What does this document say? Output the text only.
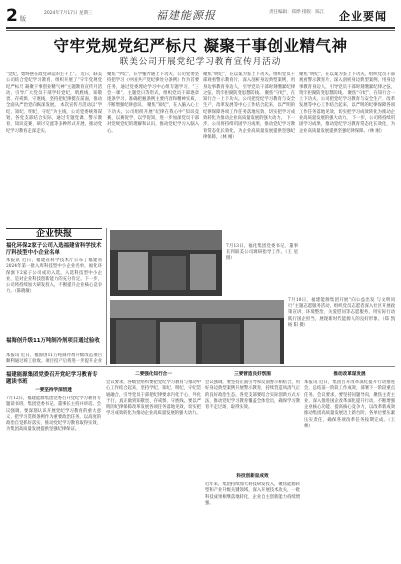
2 版
2024年7月17日 星期三	福建能源报	责任编辑：郑烨 排版：陈江 企业要闻
守牢党规党纪严标尺 凝聚干事创业精气神
联美公司开展党纪学习教育宣传月活动
“党纪，始终摆在政党命运的主干上”。 近日，联美公司结合党纪学习教育，组织开展了“守牢党规党纪严标尺 凝聚干事创业精气神”主题教育宣传月活动，引导广大党员干部学好党纪，明底线、知敬畏、存戒惧、守底线，坚持把纪律挺在前面，推动全面从严治党向纵深发展。 本次宣传月活动以“学纪、知纪、明纪、守纪”为主线，公司党委统筹谋划，各党支部结合实际，通过专题党课、警示教育、知识竞赛、研讨交流等多种形式开展，推动党纪学习教育走深走实。
聚焦“学纪”，在学懂弄通上下功夫。公司党委坚持把学习《中国共产党纪律处分条例》作为首要任务，通过党委理论学习中心组专题学习、“三会一课”、主题党日等形式，组织党员干部逐章逐条学习，准确把握条例主要内容和精神实质，不断增强纪律意识。 聚焦“知纪”，在入脑入心上下功夫。公司组织开展“纪律在我心中”知识竞赛，以赛促学、以学促知，进一步加深党员干部对党规党纪的理解和认识，推动党纪学习入脑入心。
聚焦“明纪”，在以案为鉴上下功夫。组织党员干部观看警示教育片，深入剖析身边典型案例，用身边事教育身边人，引导党员干部时刻绷紧纪律之弦，筑牢拒腐防变思想防线。 聚焦“守纪”，在知行合一上下功夫。公司把党纪学习教育与安全生产、改革发展等中心工作结合起来，以严明的纪律保障各项工作任务落地见效，切实把学习成效转化为推动企业高质量发展的强大动力。 下一步，公司将持续巩固学习成果，推动党纪学习教育常态化长效化，为企业高质量发展提供坚强纪律保障。（林 刚）
聚焦“明纪”，在以案为鉴上下功夫。组织党员干部观看警示教育片，深入剖析身边典型案例，用身边事教育身边人，引导党员干部时刻绷紧纪律之弦，筑牢拒腐防变思想防线。 聚焦“守纪”，在知行合一上下功夫。公司把党纪学习教育与安全生产、改革发展等中心工作结合起来，以严明的纪律保障各项工作任务落地见效，切实把学习成效转化为推动企业高质量发展的强大动力。 下一步，公司将持续巩固学习成果，推动党纪学习教育常态化长效化，为企业高质量发展提供坚强纪律保障。（林 刚）
企业快报
福化环保2家子公司入选福建省科学技术厅科技型中小企业名单
本报讯 近日，福建省科学技术厅公布了福建省2024年第一批入库科技型中小企业名单，福化环保旗下2家子公司成功入选。入选科技型中小企业，是对企业科技创新能力的充分肯定。下一步，公司将持续加大研发投入，不断提升企业核心竞争力。（陈晓敏）
福海创升级11万吨制冷剂项目通过验收
本报讯 近日，福海创11万吨制冷剂升级改造项目顺利通过竣工验收。项目投产后将进一步提升企业
7月13日，福化集团党委书记、董事长到联美公司调研指导工作。（王 星 摄）
7月10日，福建能源集团开展“向公益出发 与文明同行”主题志愿服务活动，组织党员志愿者深入社区开展政策宣讲、环境整治、关爱慰问等志愿服务，用实际行动践行国企担当，展现新时代能源人的良好形象。（郑 凯 杨 阳 摄）
福建能源集团党委召开党纪学习教育专题读书班
一要坚持学深悟透
7月12日，福建能源集团党委召开党纪学习教育专题读书班，集团党委书记、董事长主持并讲话。会议强调，要深刻认识开展党纪学习教育的重大意义，把学习贯彻条例作为重要政治任务，以高度的政治自觉抓好落实，推动党纪学习教育取得实效，为集团高质量发展提供坚强纪律保证。
二要强化知行合一
会议要求，各级党组织要把党纪学习教育与推动中心工作结合起来，坚持学纪、知纪、明纪、守纪贯通融合，引导党员干部把纪律要求内化于心、外化于行，真正做到知敬畏、存戒惧、守底线。要以严明的纪律保障改革发展各项任务落地见效，切实把学习成效转化为推动企业高质量发展的强大动力。
三要营造良好氛围
会议强调，要坚持正面引导和反面警示相结合，用好身边典型案例开展警示教育，持续营造风清气正的良好政治生态。各党支部要结合实际创新方式方法，推动党纪学习教育覆盖全体党员，确保学习教育不走过场、取得实效。
科技创新显成效
近年来，集团持续加大科技研发投入，聚焦能源转型和产业升级关键领域，深入开展技术攻关，一批科技成果相继落地转化，企业自主创新能力持续增强。
推动改革谋发展
本报讯 近日，集团召开改革深化提升行动推进会，总结前一阶段工作成效，部署下一阶段重点任务。会议要求，要坚持问题导向，聚焦主责主业，深入推进国企改革深化提升行动，不断增强企业核心功能、提高核心竞争力，以改革新成效推动集团高质量发展迈上新台阶。各单位要压紧压实责任，确保各项改革任务按期完成。（王 林）
